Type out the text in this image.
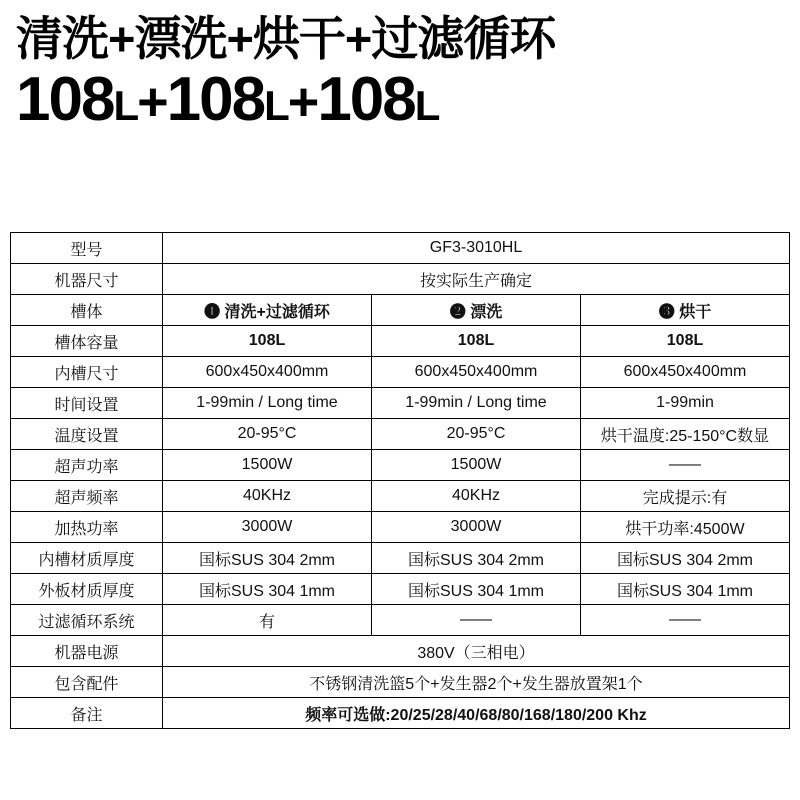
清洗+漂洗+烘干+过滤循环
108L+108L+108L
型号	GF3-3010HL		
机器尺寸	按实际生产确定		
槽体	❶ 清洗+过滤循环	❷ 漂洗	❸ 烘干
槽体容量	108L	108L	108L
内槽尺寸	600x450x400mm	600x450x400mm	600x450x400mm
时间设置	1-99min / Long time	1-99min / Long time	1-99min
温度设置	20-95°C	20-95°C	烘干温度:25-150°C数显
超声功率	1500W	1500W	——
超声频率	40KHz	40KHz	完成提示:有
加热功率	3000W	3000W	烘干功率:4500W
内槽材质厚度	国标SUS 304 2mm	国标SUS 304 2mm	国标SUS 304 2mm
外板材质厚度	国标SUS 304 1mm	国标SUS 304 1mm	国标SUS 304 1mm
过滤循环系统	有	——	——
机器电源	380V（三相电）		
包含配件	不锈钢清洗篮5个+发生器2个+发生器放置架1个		
备注	频率可选做:20/25/28/40/68/80/168/180/200 Khz		
